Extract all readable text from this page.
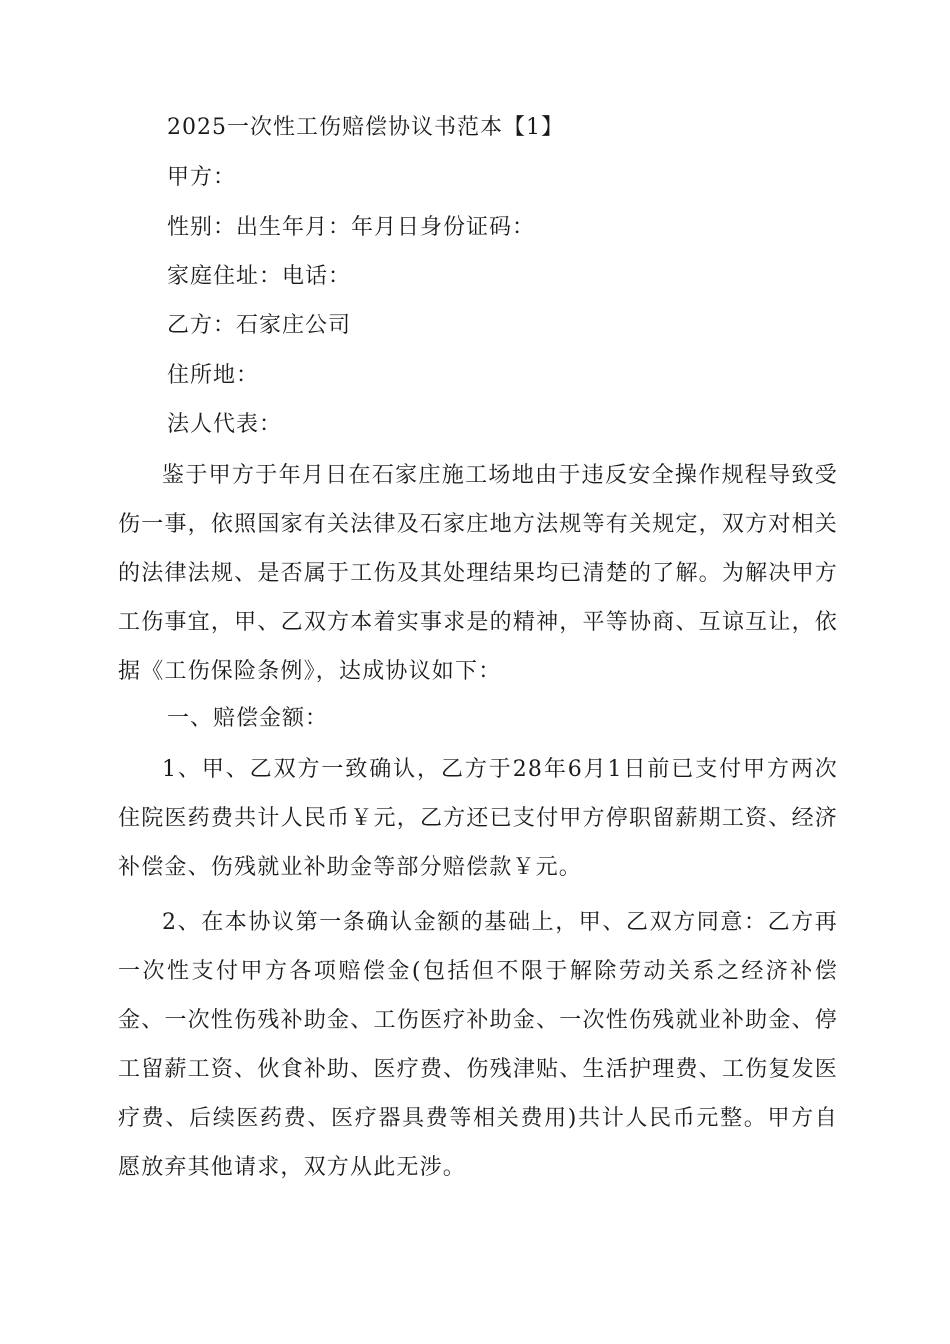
2025一次性工伤赔偿协议书范本【1】
甲方：
性别：出生年月：年月日身份证码：
家庭住址：电话：
乙方：石家庄公司
住所地：
法人代表：

鉴于甲方于年月日在石家庄施工场地由于违反安全操作规程导致受伤一事，依照国家有关法律及石家庄地方法规等有关规定，双方对相关的法律法规、是否属于工伤及其处理结果均已清楚的了解。为解决甲方工伤事宜，甲、乙双方本着实事求是的精神，平等协商、互谅互让，依据《工伤保险条例》，达成协议如下：

一、赔偿金额：

1、甲、乙双方一致确认，乙方于28年6月1日前已支付甲方两次住院医药费共计人民币￥元，乙方还已支付甲方停职留薪期工资、经济补偿金、伤残就业补助金等部分赔偿款￥元。

2、在本协议第一条确认金额的基础上，甲、乙双方同意：乙方再一次性支付甲方各项赔偿金(包括但不限于解除劳动关系之经济补偿金、一次性伤残补助金、工伤医疗补助金、一次性伤残就业补助金、停工留薪工资、伙食补助、医疗费、伤残津贴、生活护理费、工伤复发医疗费、后续医药费、医疗器具费等相关费用)共计人民币元整。甲方自愿放弃其他请求，双方从此无涉。
